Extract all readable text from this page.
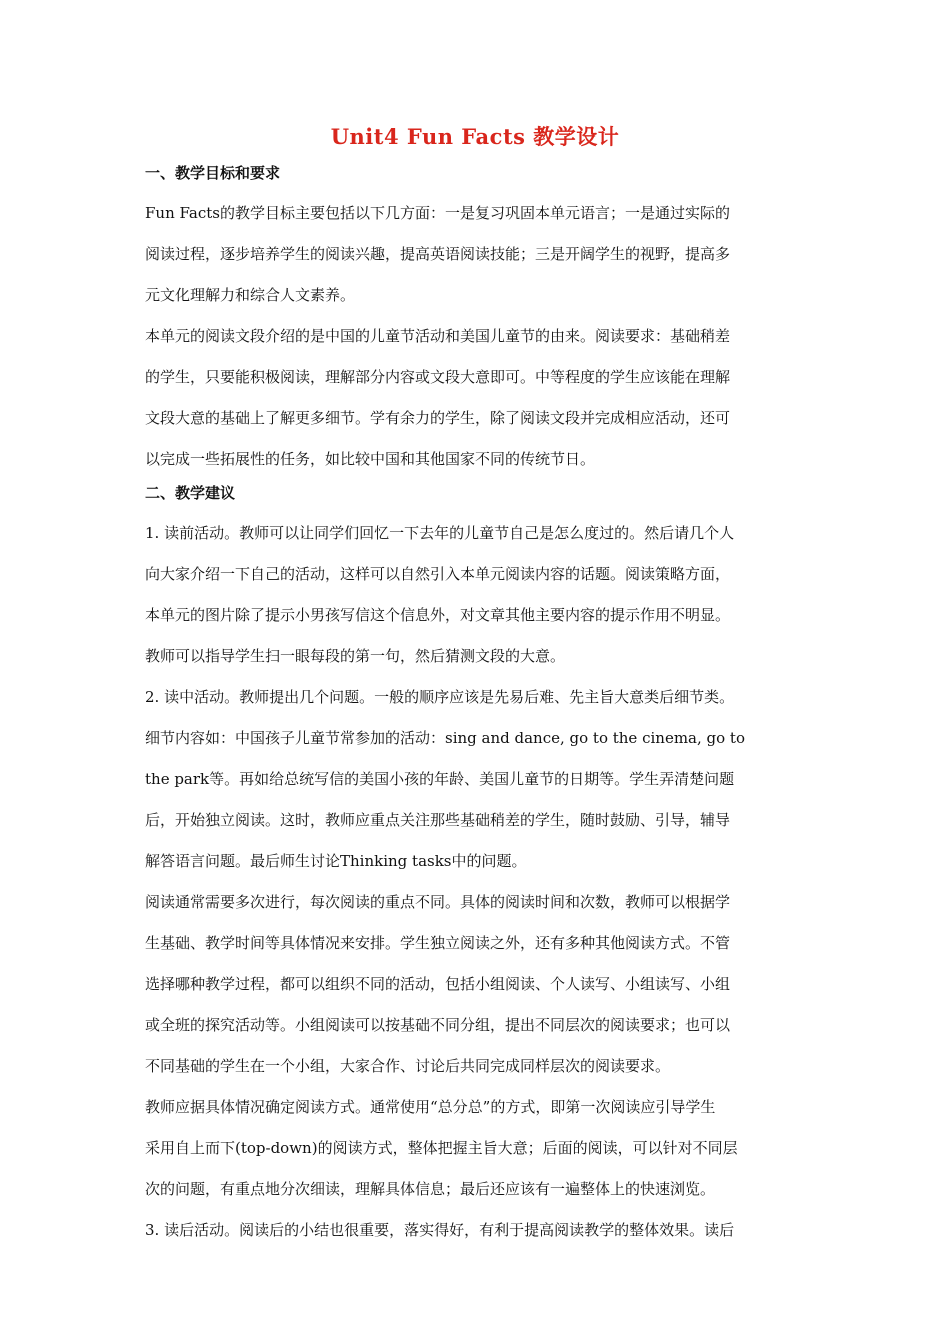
Unit4 Fun Facts 教学设计
一、教学目标和要求
Fun Facts的教学目标主要包括以下几方面：一是复习巩固本单元语言；一是通过实际的
阅读过程，逐步培养学生的阅读兴趣，提高英语阅读技能；三是开阔学生的视野，提高多
元文化理解力和综合人文素养。
本单元的阅读文段介绍的是中国的儿童节活动和美国儿童节的由来。阅读要求：基础稍差
的学生，只要能积极阅读，理解部分内容或文段大意即可。中等程度的学生应该能在理解
文段大意的基础上了解更多细节。学有余力的学生，除了阅读文段并完成相应活动，还可
以完成一些拓展性的任务，如比较中国和其他国家不同的传统节日。
二、教学建议
1. 读前活动。教师可以让同学们回忆一下去年的儿童节自己是怎么度过的。然后请几个人
向大家介绍一下自己的活动，这样可以自然引入本单元阅读内容的话题。阅读策略方面，
本单元的图片除了提示小男孩写信这个信息外，对文章其他主要内容的提示作用不明显。
教师可以指导学生扫一眼每段的第一句，然后猜测文段的大意。
2. 读中活动。教师提出几个问题。一般的顺序应该是先易后难、先主旨大意类后细节类。
细节内容如：中国孩子儿童节常参加的活动：sing and dance, go to the cinema, go to
the park等。再如给总统写信的美国小孩的年龄、美国儿童节的日期等。学生弄清楚问题
后，开始独立阅读。这时，教师应重点关注那些基础稍差的学生，随时鼓励、引导，辅导
解答语言问题。最后师生讨论Thinking tasks中的问题。
阅读通常需要多次进行，每次阅读的重点不同。具体的阅读时间和次数，教师可以根据学
生基础、教学时间等具体情况来安排。学生独立阅读之外，还有多种其他阅读方式。不管
选择哪种教学过程，都可以组织不同的活动，包括小组阅读、个人读写、小组读写、小组
或全班的探究活动等。小组阅读可以按基础不同分组，提出不同层次的阅读要求；也可以
不同基础的学生在一个小组，大家合作、讨论后共同完成同样层次的阅读要求。
教师应据具体情况确定阅读方式。通常使用“总分总”的方式，即第一次阅读应引导学生
采用自上而下(top-down)的阅读方式，整体把握主旨大意；后面的阅读，可以针对不同层
次的问题，有重点地分次细读，理解具体信息；最后还应该有一遍整体上的快速浏览。
3. 读后活动。阅读后的小结也很重要，落实得好，有利于提高阅读教学的整体效果。读后
